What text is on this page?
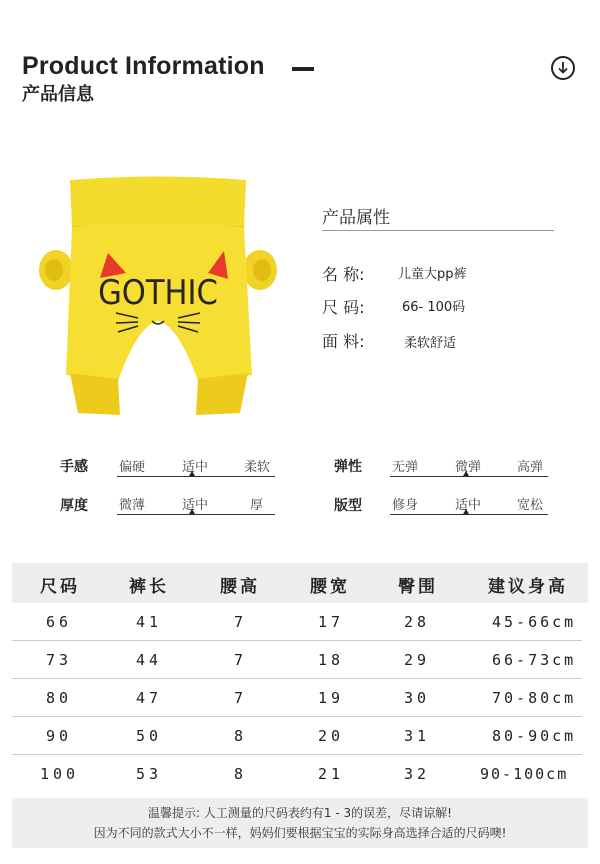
Product Information
产品信息
GOTHIC
产品属性
名 称:	儿童大pp裤
尺 码:	66- 100码
面 料:	柔软舒适
手感 偏硬	适中	柔软	弹性 无弹	微弹	高弹
厚度 微薄	适中	厚	版型 修身	适中	宽松
尺码	裤长	腰高	腰宽	臀围	建议身高
66	41	7	17	28	45-66cm
73	44	7	18	29	66-73cm
80	47	7	19	30	70-80cm
90	50	8	20	31	80-90cm
100	53	8	21	32	90-100cm
温馨提示: 人工测量的尺码表约有1 - 3的误差，尽请谅解!
因为不同的款式大小不一样，妈妈们要根据宝宝的实际身高选择合适的尺码噢!
